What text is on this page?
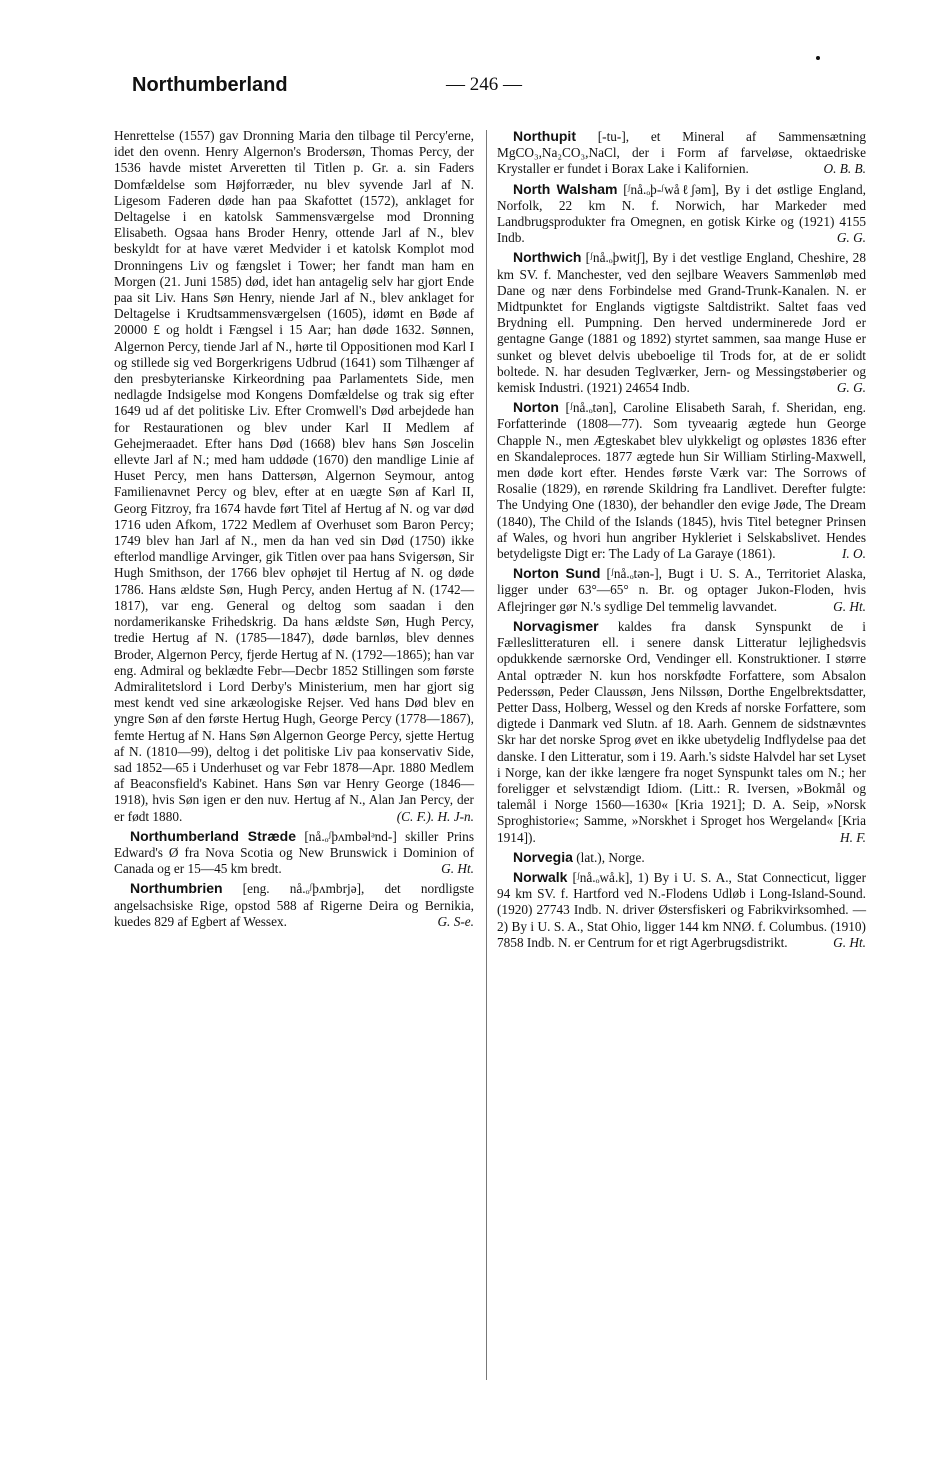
Northumberland	— 246 —

Henrettelse (1557) gav Dronning Maria den tilbage til Percy'erne, idet den ovenn. Henry Algernon's Brodersøn, Thomas Percy, der 1536 havde mistet Arveretten til Titlen p. Gr. a. sin Faders Domfældelse som Højforræder, nu blev syvende Jarl af N. Ligesom Faderen døde han paa Skafottet (1572), anklaget for Deltagelse i en katolsk Sammensværgelse mod Dronning Elisabeth. Ogsaa hans Broder Henry, ottende Jarl af N., blev beskyldt for at have været Medvider i et katolsk Komplot mod Dronningens Liv og fængslet i Tower; her fandt man ham en Morgen (21. Juni 1585) død, idet han antagelig selv har gjort Ende paa sit Liv. Hans Søn Henry, niende Jarl af N., blev anklaget for Deltagelse i Krudtsammensværgelsen (1605), idømt en Bøde af 20000 £ og holdt i Fængsel i 15 Aar; han døde 1632. Sønnen, Algernon Percy, tiende Jarl af N., hørte til Oppositionen mod Karl I og stillede sig ved Borgerkrigens Udbrud (1641) som Tilhænger af den presbyterianske Kirkeordning paa Parlamentets Side, men nedlagde Indsigelse mod Kongens Domfældelse og trak sig efter 1649 ud af det politiske Liv. Efter Cromwell's Død arbejdede han for Restaurationen og blev under Karl II Medlem af Gehejmeraadet. Efter hans Død (1668) blev hans Søn Joscelin ellevte Jarl af N.; med ham uddøde (1670) den mandlige Linie af Huset Percy, men hans Dattersøn, Algernon Seymour, antog Familienavnet Percy og blev, efter at en uægte Søn af Karl II, Georg Fitzroy, fra 1674 havde ført Titel af Hertug af N. og var død 1716 uden Afkom, 1722 Medlem af Overhuset som Baron Percy; 1749 blev han Jarl af N., men da han ved sin Død (1750) ikke efterlod mandlige Arvinger, gik Titlen over paa hans Svigersøn, Sir Hugh Smithson, der 1766 blev ophøjet til Hertug af N. og døde 1786. Hans ældste Søn, Hugh Percy, anden Hertug af N. (1742—1817), var eng. General og deltog som saadan i den nordamerikanske Frihedskrig. Da hans ældste Søn, Hugh Percy, tredie Hertug af N. (1785—1847), døde barnløs, blev dennes Broder, Algernon Percy, fjerde Hertug af N. (1792—1865); han var eng. Admiral og beklædte Febr—Decbr 1852 Stillingen som første Admiralitetslord i Lord Derby's Ministerium, men har gjort sig mest kendt ved sine arkæologiske Rejser. Ved hans Død blev en yngre Søn af den første Hertug Hugh, George Percy (1778—1867), femte Hertug af N. Hans Søn Algernon George Percy, sjette Hertug af N. (1810—99), deltog i det politiske Liv paa konservativ Side, sad 1852—65 i Underhuset og var Febr 1878—Apr. 1880 Medlem af Beaconsfield's Kabinet. Hans Søn var Henry George (1846—1918), hvis Søn igen er den nuv. Hertug af N., Alan Jan Percy, der er født 1880.	(C. F.). H. J-n.

Northumberland Stræde [nå.ₒᶴþʌmbəlᵊnd-] skiller Prins Edward's Ø fra Nova Scotia og New Brunswick i Dominion of Canada og er 15—45 km bredt.	G. Ht.

Northumbrien [eng. nå.ₒᶴþʌmbrjə], det nordligste angelsachsiske Rige, opstod 588 af Rigerne Deira og Bernikia, kuedes 829 af Egbert af Wessex.	G. S-e.

Northupit [-tu-], et Mineral af Sammensætning MgCO₃,Na₂CO₃,NaCl, der i Form af farveløse, oktaedriske Krystaller er fundet i Borax Lake i Kalifornien.	O. B. B.

North Walsham [ᶴnå.ₒþ-ᶴwåℓʃəm], By i det østlige England, Norfolk, 22 km N. f. Norwich, har Markeder med Landbrugsprodukter fra Omegnen, en gotisk Kirke og (1921) 4155 Indb.	G. G.

Northwich [ᶴnå.ₒþwitʃ], By i det vestlige England, Cheshire, 28 km SV. f. Manchester, ved den sejlbare Weavers Sammenløb med Dane og nær dens Forbindelse med Grand-Trunk-Kanalen. N. er Midtpunktet for Englands vigtigste Saltdistrikt. Saltet faas ved Brydning ell. Pumpning. Den herved underminerede Jord er gentagne Gange (1881 og 1892) styrtet sammen, saa mange Huse er sunket og blevet delvis ubeboelige til Trods for, at de er solidt boltede. N. har desuden Teglværker, Jern- og Messingstøberier og kemisk Industri. (1921) 24654 Indb.	G. G.

Norton [ᶴnå.ₒtən], Caroline Elisabeth Sarah, f. Sheridan, eng. Forfatterinde (1808—77). Som tyveaarig ægtede hun George Chapple N., men Ægteskabet blev ulykkeligt og opløstes 1836 efter en Skandaleproces. 1877 ægtede hun Sir William Stirling-Maxwell, men døde kort efter. Hendes første Værk var: The Sorrows of Rosalie (1829), en rørende Skildring fra Landlivet. Derefter fulgte: The Undying One (1830), der behandler den evige Jøde, The Dream (1840), The Child of the Islands (1845), hvis Titel betegner Prinsen af Wales, og hvori hun angriber Hykleriet i Selskabslivet. Hendes betydeligste Digt er: The Lady of La Garaye (1861).	I. O.

Norton Sund [ᶴnå.ₒtən-], Bugt i U. S. A., Territoriet Alaska, ligger under 63°—65° n. Br. og optager Jukon-Floden, hvis Aflejringer gør N.'s sydlige Del temmelig lavvandet.	G. Ht.

Norvagismer kaldes fra dansk Synspunkt de i Fælleslitteraturen ell. i senere dansk Litteratur lejlighedsvis opdukkende særnorske Ord, Vendinger ell. Konstruktioner. I større Antal optræder N. kun hos norskfødte Forfattere, som Absalon Pederssøn, Peder Claussøn, Jens Nilssøn, Dorthe Engelbrektsdatter, Petter Dass, Holberg, Wessel og den Kreds af norske Forfattere, som digtede i Danmark ved Slutn. af 18. Aarh. Gennem de sidstnævntes Skr har det norske Sprog øvet en ikke ubetydelig Indflydelse paa det danske. I den Litteratur, som i 19. Aarh.'s sidste Halvdel har set Lyset i Norge, kan der ikke længere fra noget Synspunkt tales om N.; her foreligger et selvstændigt Idiom. (Litt.: R. Iversen, »Bokmål og talemål i Norge 1560—1630« [Kria 1921]; D. A. Seip, »Norsk Sproghistorie«; Samme, »Norskhet i Sproget hos Wergeland« [Kria 1914]).	H. F.

Norvegia (lat.), Norge.

Norwalk [ᶴnå.ₒwå.k], 1) By i U. S. A., Stat Connecticut, ligger 94 km SV. f. Hartford ved N.-Flodens Udløb i Long-Island-Sound. (1920) 27743 Indb. N. driver Østersfiskeri og Fabrikvirksomhed. — 2) By i U. S. A., Stat Ohio, ligger 144 km NNØ. f. Columbus. (1910) 7858 Indb. N. er Centrum for et rigt Agerbrugsdistrikt.	G. Ht.
